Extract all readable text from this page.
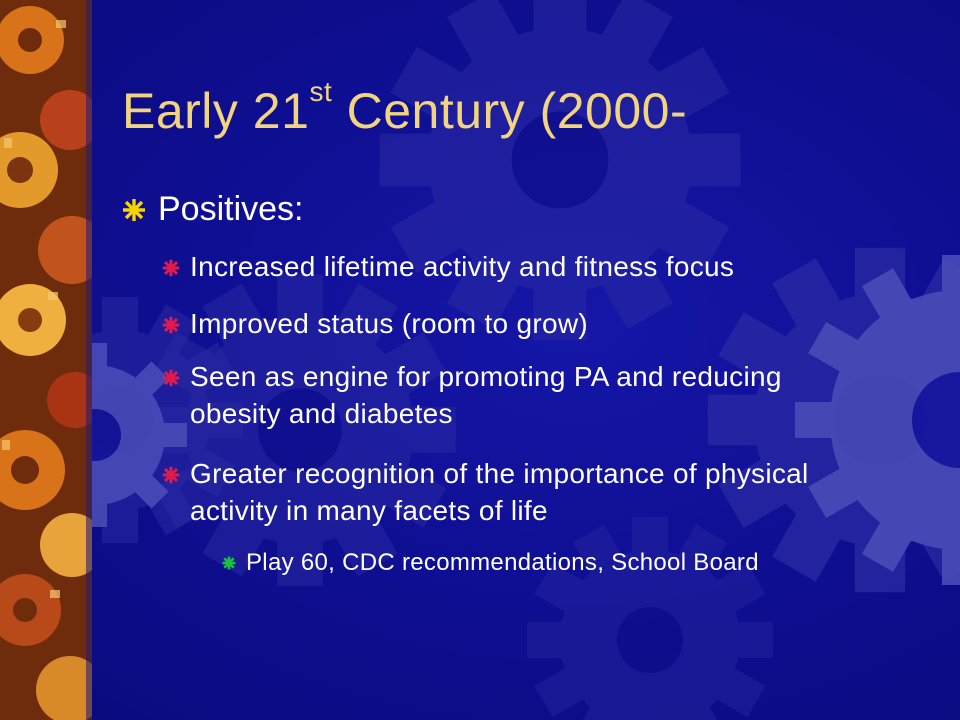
Early 21st Century (2000-
Positives:
Increased lifetime activity and fitness focus
Improved status (room to grow)
Seen as engine for promoting PA and reducing obesity and diabetes
Greater recognition of the importance of physical activity in many facets of life
Play 60, CDC recommendations, School Board
